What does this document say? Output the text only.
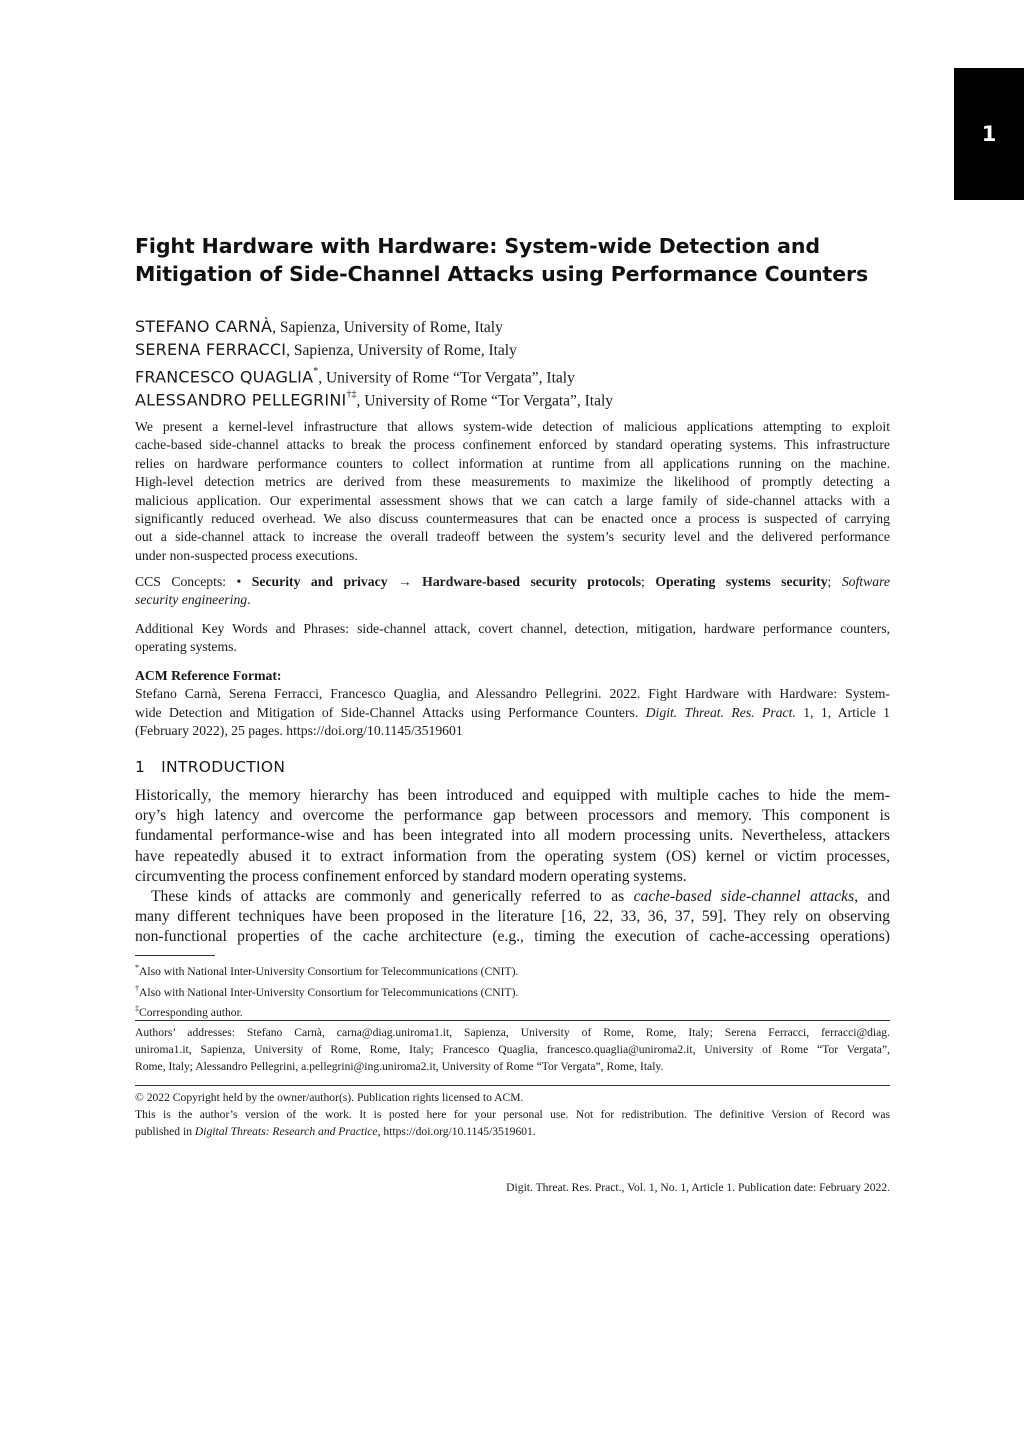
1
Fight Hardware with Hardware: System-wide Detection and
Mitigation of Side-Channel Attacks using Performance Counters
STEFANO CARNÀ, Sapienza, University of Rome, Italy
SERENA FERRACCI, Sapienza, University of Rome, Italy
FRANCESCO QUAGLIA*, University of Rome “Tor Vergata”, Italy
ALESSANDRO PELLEGRINI†‡, University of Rome “Tor Vergata”, Italy
We present a kernel-level infrastructure that allows system-wide detection of malicious applications attempting to exploit
cache-based side-channel attacks to break the process confinement enforced by standard operating systems. This infrastructure
relies on hardware performance counters to collect information at runtime from all applications running on the machine.
High-level detection metrics are derived from these measurements to maximize the likelihood of promptly detecting a
malicious application. Our experimental assessment shows that we can catch a large family of side-channel attacks with a
significantly reduced overhead. We also discuss countermeasures that can be enacted once a process is suspected of carrying
out a side-channel attack to increase the overall tradeoff between the system’s security level and the delivered performance
under non-suspected process executions.
CCS Concepts: • Security and privacy → Hardware-based security protocols; Operating systems security; Software
security engineering.
Additional Key Words and Phrases: side-channel attack, covert channel, detection, mitigation, hardware performance counters,
operating systems.
ACM Reference Format:
Stefano Carnà, Serena Ferracci, Francesco Quaglia, and Alessandro Pellegrini. 2022. Fight Hardware with Hardware: System-
wide Detection and Mitigation of Side-Channel Attacks using Performance Counters. Digit. Threat. Res. Pract. 1, 1, Article 1
(February 2022), 25 pages. https://doi.org/10.1145/3519601
1 INTRODUCTION
Historically, the memory hierarchy has been introduced and equipped with multiple caches to hide the mem-
ory’s high latency and overcome the performance gap between processors and memory. This component is
fundamental performance-wise and has been integrated into all modern processing units. Nevertheless, attackers
have repeatedly abused it to extract information from the operating system (OS) kernel or victim processes,
circumventing the process confinement enforced by standard modern operating systems.
These kinds of attacks are commonly and generically referred to as cache-based side-channel attacks, and
many different techniques have been proposed in the literature [16, 22, 33, 36, 37, 59]. They rely on observing
non-functional properties of the cache architecture (e.g., timing the execution of cache-accessing operations)
*Also with National Inter-University Consortium for Telecommunications (CNIT).
†Also with National Inter-University Consortium for Telecommunications (CNIT).
‡Corresponding author.
Authors’ addresses: Stefano Carnà, carna@diag.uniroma1.it, Sapienza, University of Rome, Rome, Italy; Serena Ferracci, ferracci@diag.
uniroma1.it, Sapienza, University of Rome, Rome, Italy; Francesco Quaglia, francesco.quaglia@uniroma2.it, University of Rome “Tor Vergata”,
Rome, Italy; Alessandro Pellegrini, a.pellegrini@ing.uniroma2.it, University of Rome “Tor Vergata”, Rome, Italy.
© 2022 Copyright held by the owner/author(s). Publication rights licensed to ACM.
This is the author’s version of the work. It is posted here for your personal use. Not for redistribution. The definitive Version of Record was
published in Digital Threats: Research and Practice, https://doi.org/10.1145/3519601.
Digit. Threat. Res. Pract., Vol. 1, No. 1, Article 1. Publication date: February 2022.
